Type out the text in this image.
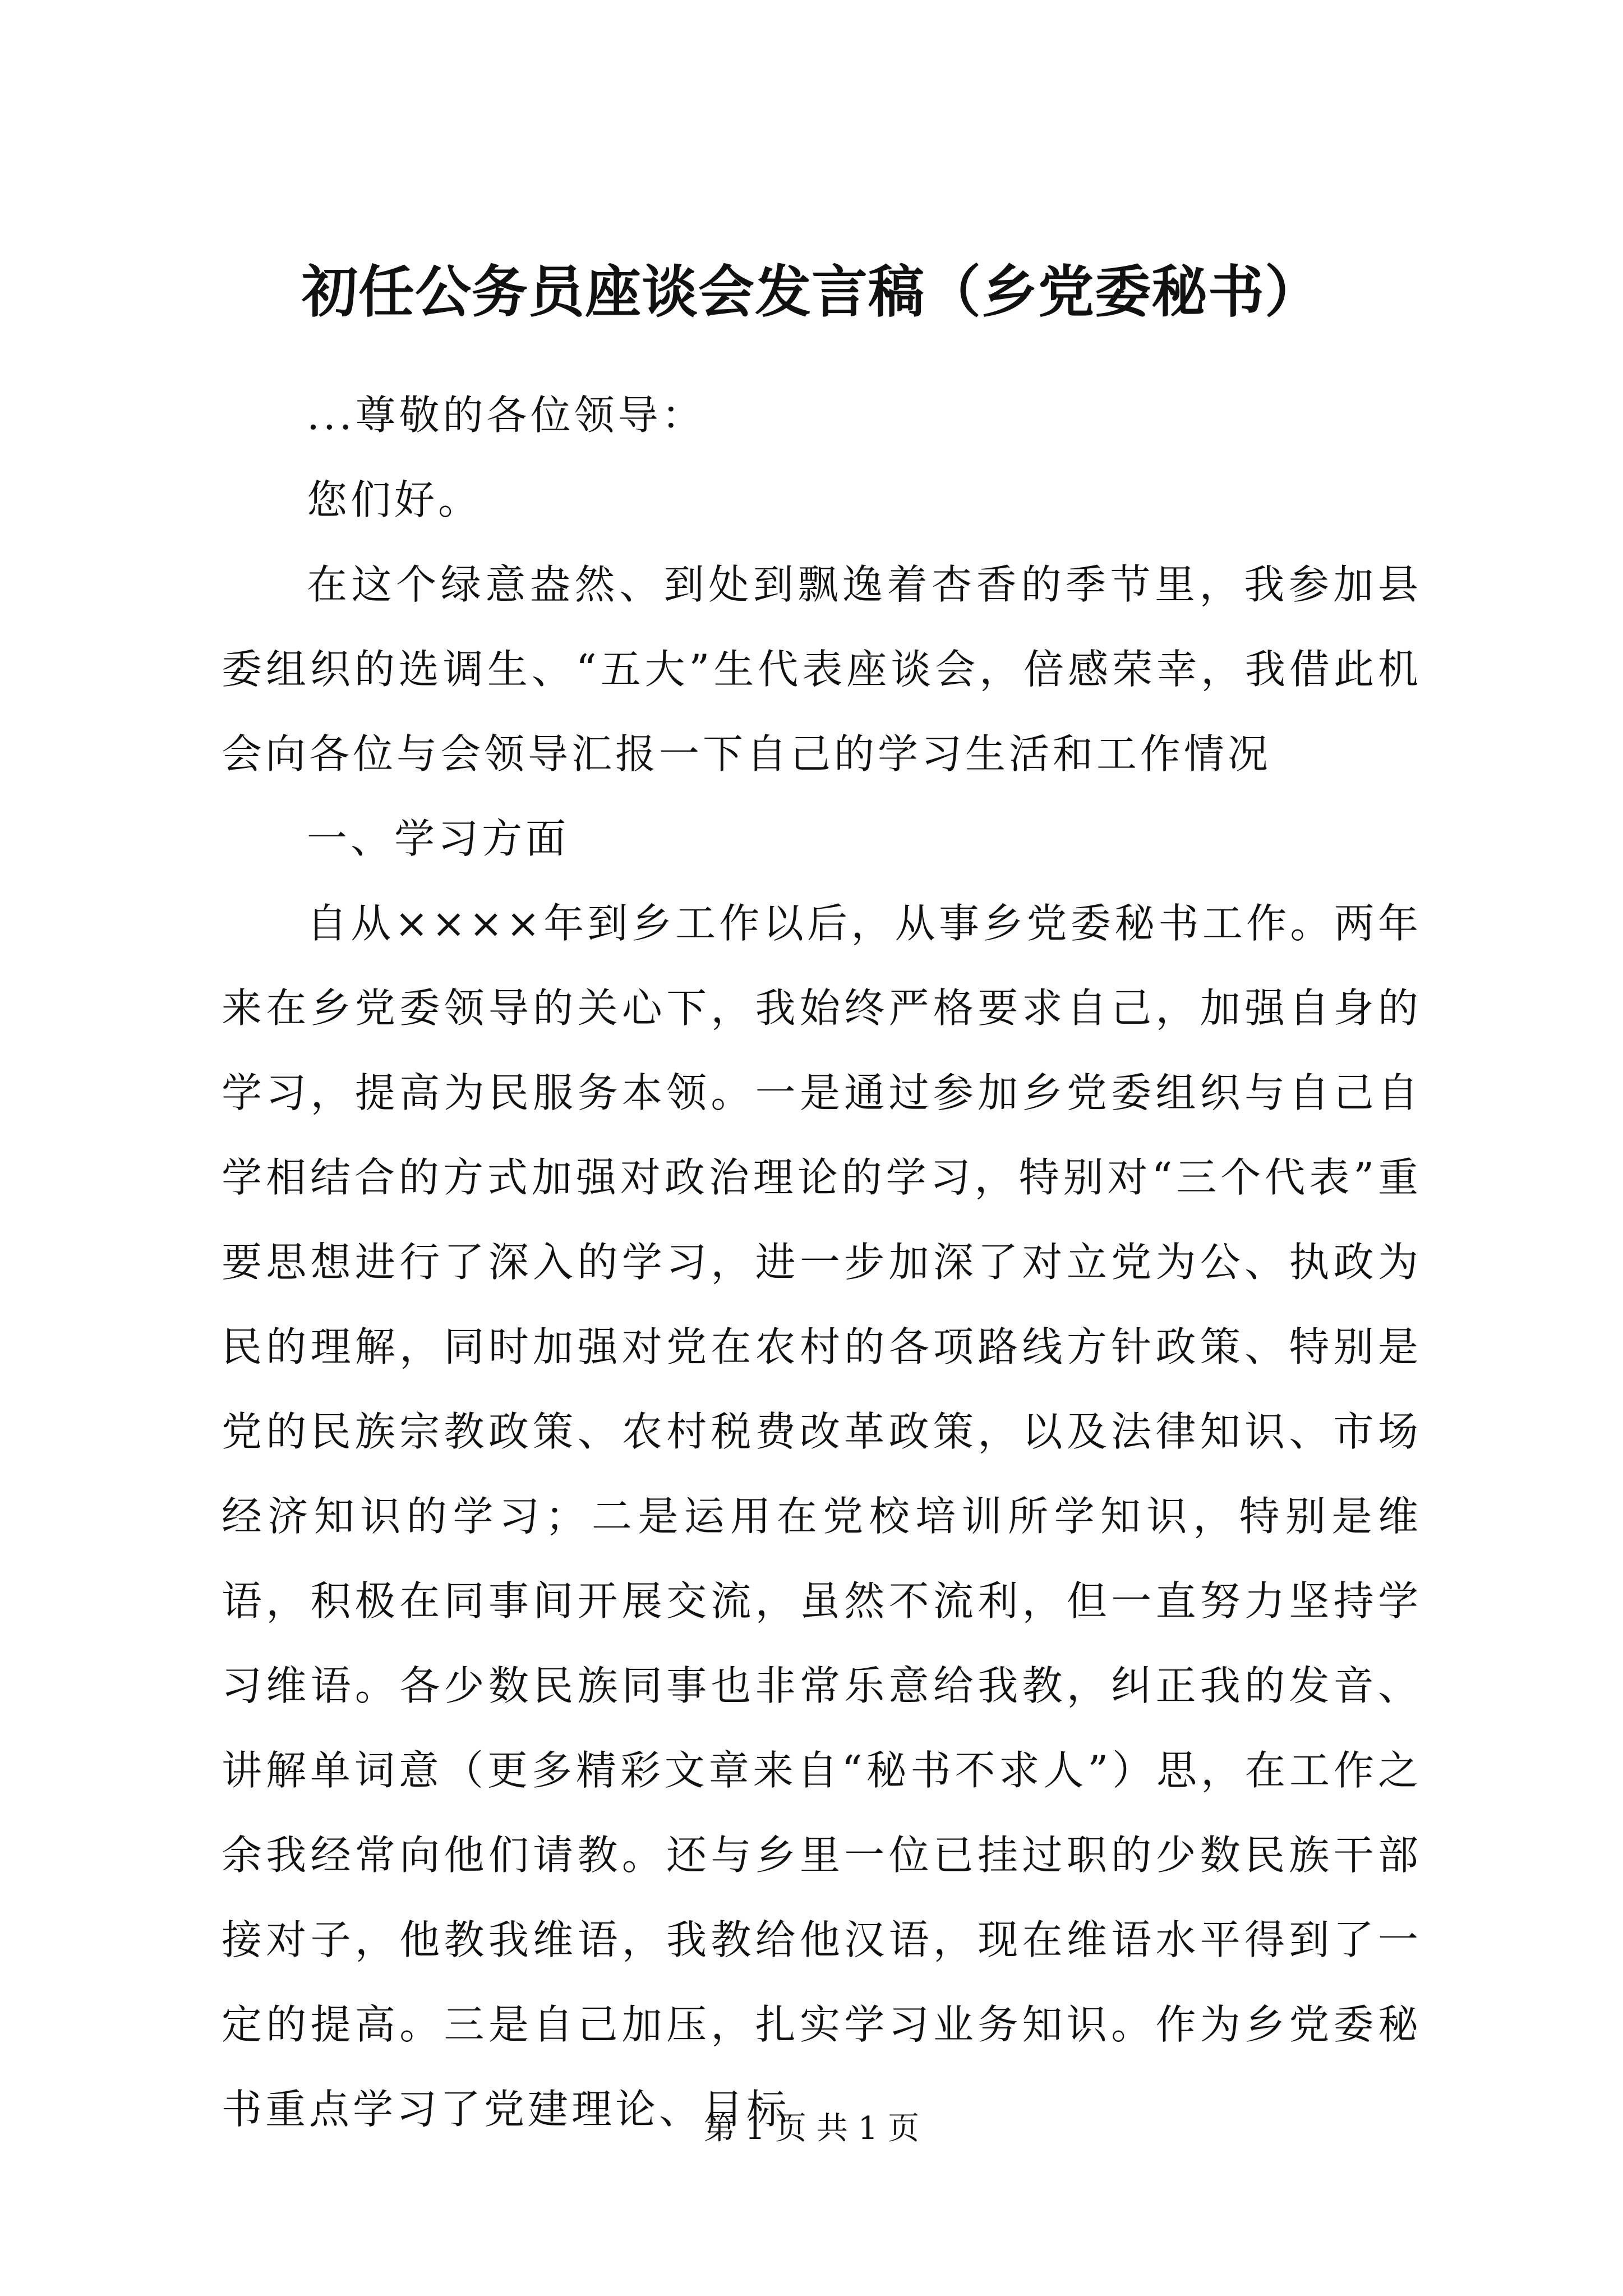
初任公务员座谈会发言稿（乡党委秘书）

...尊敬的各位领导：

您们好。

在这个绿意盎然、到处到飘逸着杏香的季节里，我参加县委组织的选调生、“五大”生代表座谈会，倍感荣幸，我借此机会向各位与会领导汇报一下自己的学习生活和工作情况

一、学习方面

自从××××年到乡工作以后，从事乡党委秘书工作。两年来在乡党委领导的关心下，我始终严格要求自己，加强自身的学习，提高为民服务本领。一是通过参加乡党委组织与自己自学相结合的方式加强对政治理论的学习，特别对“三个代表”重要思想进行了深入的学习，进一步加深了对立党为公、执政为民的理解，同时加强对党在农村的各项路线方针政策、特别是党的民族宗教政策、农村税费改革政策，以及法律知识、市场经济知识的学习；二是运用在党校培训所学知识，特别是维语，积极在同事间开展交流，虽然不流利，但一直努力坚持学习维语。各少数民族同事也非常乐意给我教，纠正我的发音、讲解单词意（更多精彩文章来自“秘书不求人”）思，在工作之余我经常向他们请教。还与乡里一位已挂过职的少数民族干部接对子，他教我维语，我教给他汉语，现在维语水平得到了一定的提高。三是自己加压，扎实学习业务知识。作为乡党委秘书重点学习了党建理论、目标

第 1 页 共 1 页
